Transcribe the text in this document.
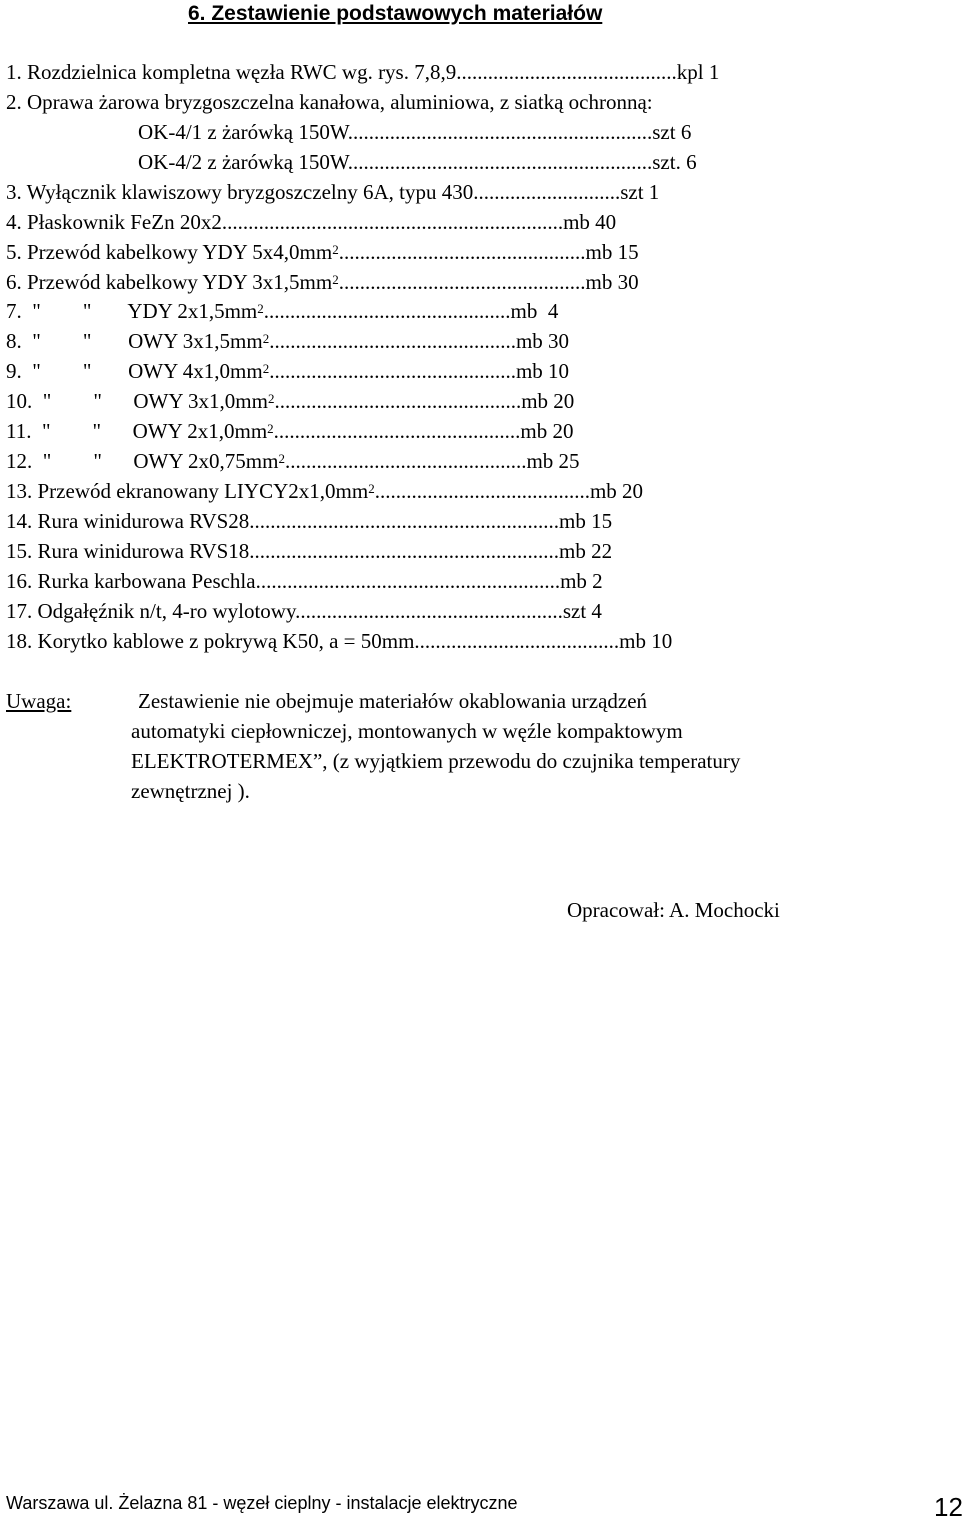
6. Zestawienie podstawowych materiałów
1. Rozdzielnica kompletna węzła RWC wg. rys. 7,8,9..........................................kpl 1
2. Oprawa żarowa bryzgoszczelna kanałowa, aluminiowa, z siatką ochronną:
OK-4/1 z żarówką 150W..........................................................szt 6
OK-4/2 z żarówką 150W..........................................................szt. 6
3. Wyłącznik klawiszowy bryzgoszczelny 6A, typu 430............................szt 1
4. Płaskownik FeZn 20x2.................................................................mb 40
5. Przewód kabelkowy YDY $5x4,0mm^2...............................................mb$ 15
6. Przewód kabelkowy YDY $3x1,5mm^2...............................................mb$ 30
7.  "        "       YDY $2x1,5mm^2...............................................mb$  4
8.  "        "       OWY $3x1,5mm^2...............................................mb$ 30
9.  "        "       OWY $4x1,0mm^2...............................................mb$ 10
10.  "        "      OWY $3x1,0mm^2...............................................mb$ 20
11.  "        "      OWY $2x1,0mm^2...............................................mb$ 20
12.  "        "      OWY $2x0,75mm^2..............................................mb$ 25
13. Przewód ekranowany $LIYCY2x1,0mm^2.........................................mb$ 20
14. Rura winidurowa RVS28...........................................................mb 15
15. Rura winidurowa RVS18...........................................................mb 22
16. Rurka karbowana Peschla..........................................................mb 2
17. Odgałęźnik n/t, 4-ro wylotowy...................................................szt 4
18. Korytko kablowe z pokrywą K50, a = 50mm.......................................mb 10
Uwaga:	Zestawienie nie obejmuje materiałów okablowania urządzeń
automatyki ciepłowniczej, montowanych w węźle kompaktowym
ELEKTROTERMEX”, (z wyjątkiem przewodu do czujnika temperatury
zewnętrznej ).
Opracował: A. Mochocki
Warszawa ul. Żelazna 81 - węzeł cieplny - instalacje elektryczne	12
